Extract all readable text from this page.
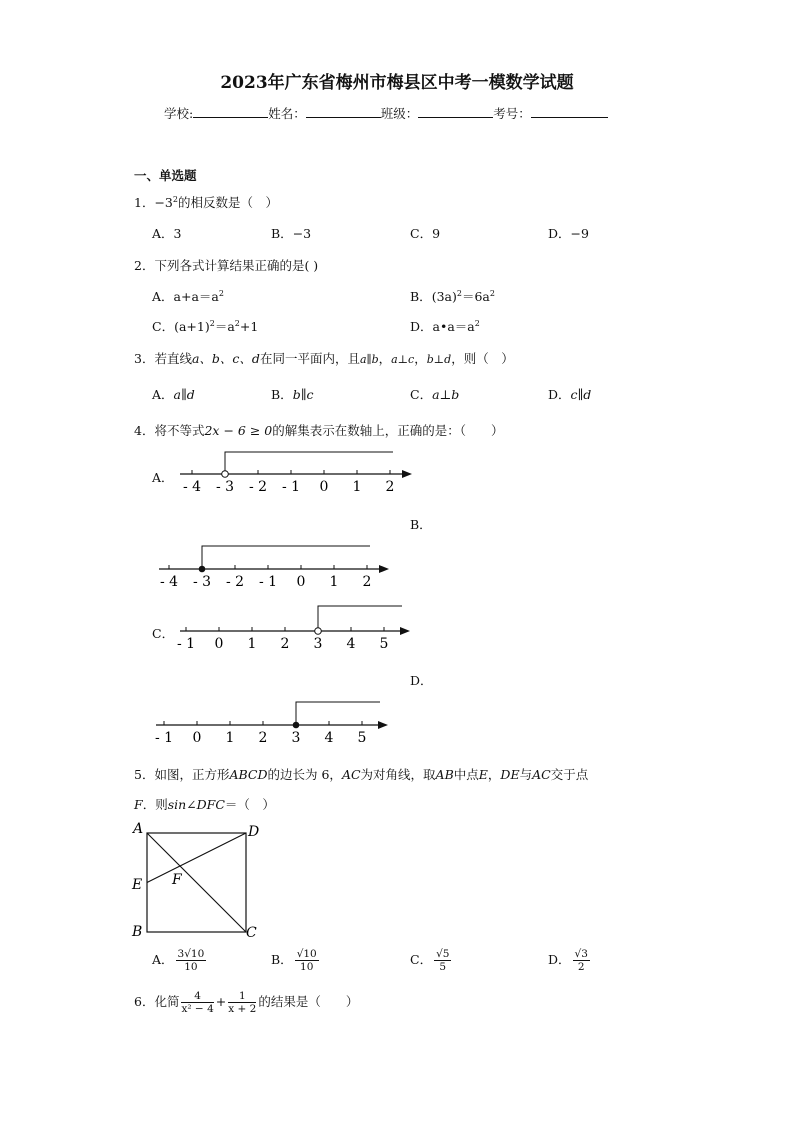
2023年广东省梅州市梅县区中考一模数学试题
学校:	姓名：	班级：	考号：
一、单选题
1．$-3^2$的相反数是（　）
A．3	B．−3	C．9	D．−9
2．下列各式计算结果正确的是( )
A．$a+a=a^2$	B．$(3a)^2=6a^2$
C．$(a+1)^2=a^2+1$	D．$a•a=a^2$
3．若直线a、b、c、d在同一平面内，且a∥b，a⊥c，b⊥d，则（　）
A．a∥d	B．b∥c	C．a⊥b	D．c∥d
4．将不等式2x − 6 ≥ 0的解集表示在数轴上，正确的是：（　　）
A．
B．
C．
D．
- 4 - 3 - 2 - 1 0 1 2
- 4 - 3 - 2 - 1 0 1 2
- 1 0 1 2 3 4 5
- 1 0 1 2 3 4 5
5．如图，正方形ABCD的边长为 6，AC为对角线，取AB中点E，DE与AC交于点
F．则sin∠DFC＝（　）
A	D
E F
B	C
A． $\frac{3√10}{10}$	B． $\frac{√10}{10}$	C． $\frac{√5}{5}$	D． $\frac{√3}{2}$
6．化简 $\frac{4}{\text{x² − 4}} + \frac{1}{x + 2}$ 的结果是（　　）
